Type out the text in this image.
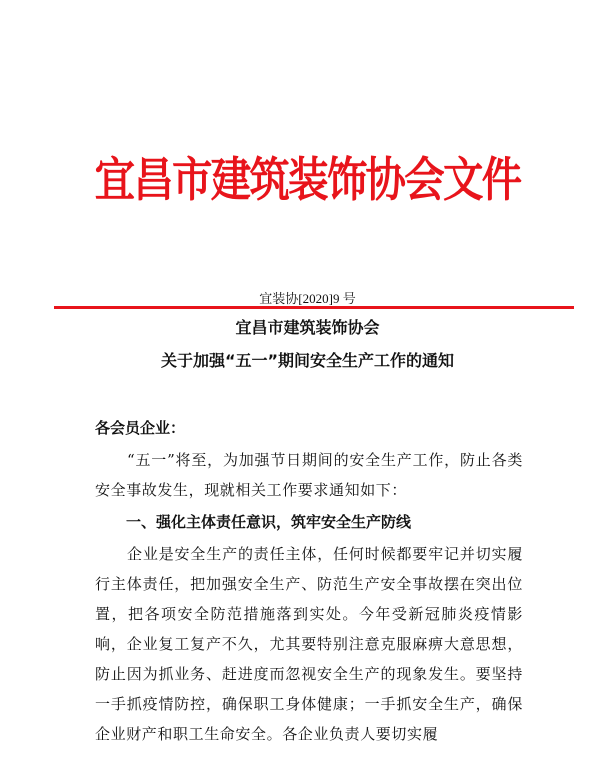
宜昌市建筑装饰协会文件
宜装协[2020]9 号
宜昌市建筑装饰协会
关于加强“五一”期间安全生产工作的通知
各会员企业：
“五一”将至，为加强节日期间的安全生产工作，防止各类安全事故发生，现就相关工作要求通知如下：
一、强化主体责任意识，筑牢安全生产防线
企业是安全生产的责任主体，任何时候都要牢记并切实履行主体责任，把加强安全生产、防范生产安全事故摆在突出位置，把各项安全防范措施落到实处。今年受新冠肺炎疫情影响，企业复工复产不久，尤其要特别注意克服麻痹大意思想，防止因为抓业务、赶进度而忽视安全生产的现象发生。要坚持一手抓疫情防控，确保职工身体健康；一手抓安全生产，确保企业财产和职工生命安全。各企业负责人要切实履
